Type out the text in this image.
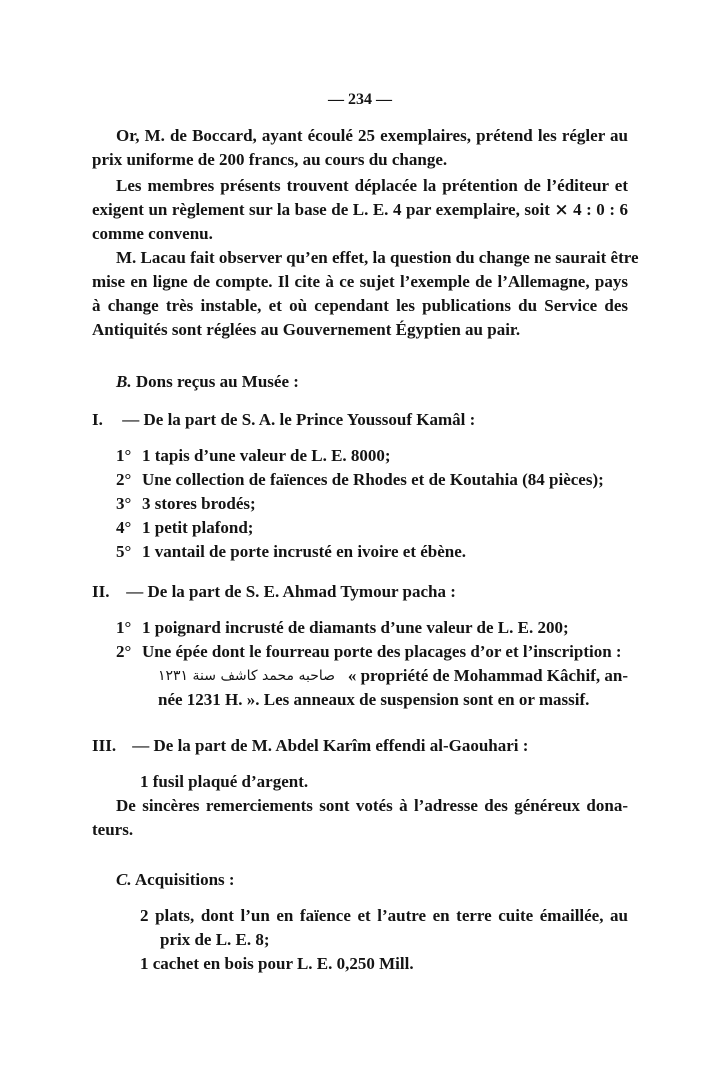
— 234 —
Or, M. de Boccard, ayant écoulé 25 exemplaires, prétend les régler au
prix uniforme de 200 francs, au cours du change.
Les membres présents trouvent déplacée la prétention de l’éditeur et
exigent un règlement sur la base de L. E. 4 par exemplaire, soit ⨯ 4 : 0 : 6
comme convenu.
M. Lacau fait observer qu’en effet, la question du change ne saurait être
mise en ligne de compte. Il cite à ce sujet l’exemple de l’Allemagne, pays
à change très instable, et où cependant les publications du Service des
Antiquités sont réglées au Gouvernement Égyptien au pair.
B. Dons reçus au Musée :
I. — De la part de S. A. le Prince Youssouf Kamâl :
1° 1 tapis d’une valeur de L. E. 8000;
2° Une collection de faïences de Rhodes et de Koutahia (84 pièces);
3° 3 stores brodés;
4° 1 petit plafond;
5° 1 vantail de porte incrusté en ivoire et ébène.
II. — De la part de S. E. Ahmad Tymour pacha :
1° 1 poignard incrusté de diamants d’une valeur de L. E. 200;
2° Une épée dont le fourreau porte des placages d’or et l’inscription :
صاحبه محمد كاشف سنة ١٢٣١ « propriété de Mohammad Kâchif, an-
née 1231 H. ». Les anneaux de suspension sont en or massif.
III. — De la part de M. Abdel Karîm effendi al-Gaouhari :
1 fusil plaqué d’argent.
De sincères remerciements sont votés à l’adresse des généreux dona-
teurs.
C. Acquisitions :
2 plats, dont l’un en faïence et l’autre en terre cuite émaillée, au
prix de L. E. 8;
1 cachet en bois pour L. E. 0,250 Mill.
